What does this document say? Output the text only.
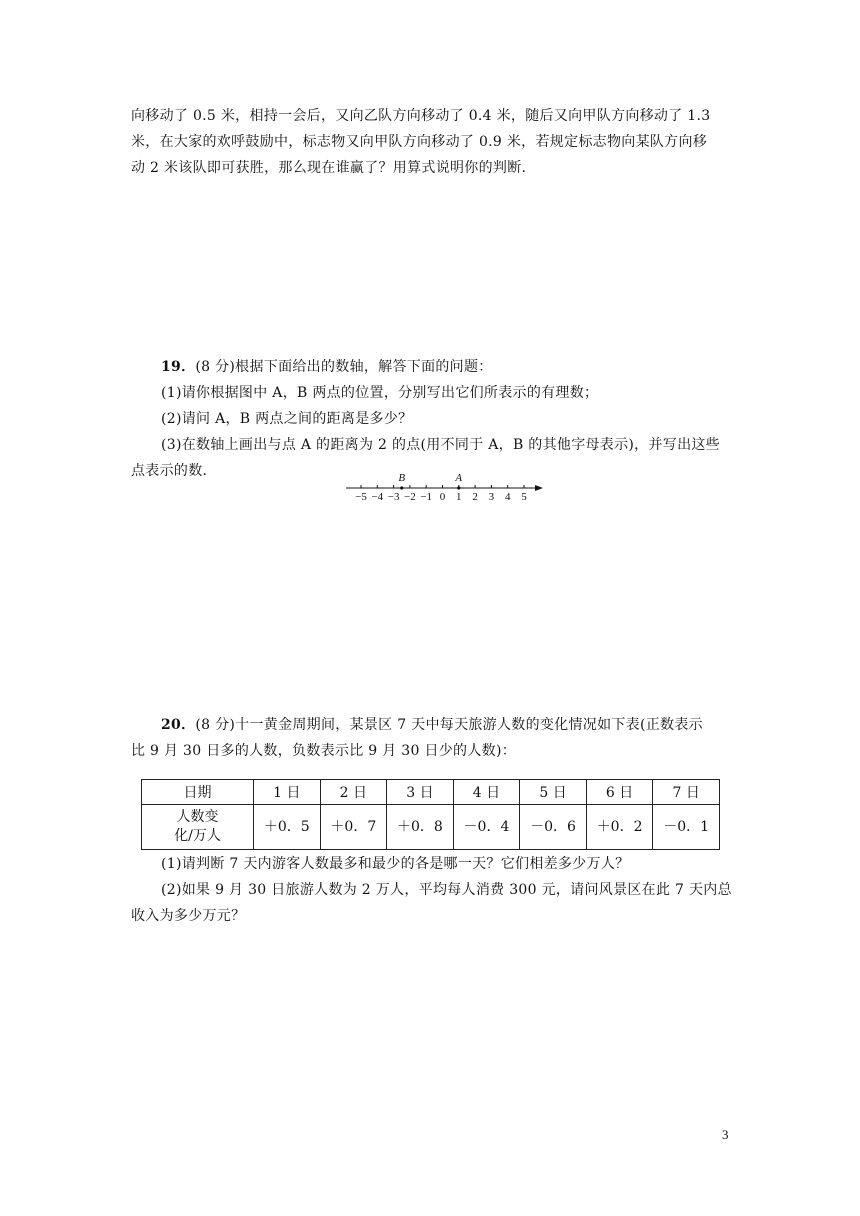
向移动了 0.5 米，相持一会后，又向乙队方向移动了 0.4 米，随后又向甲队方向移动了 1.3
米，在大家的欢呼鼓励中，标志物又向甲队方向移动了 0.9 米，若规定标志物向某队方向移
动 2 米该队即可获胜，那么现在谁赢了？用算式说明你的判断.
19．(8 分)根据下面给出的数轴，解答下面的问题：
(1)请你根据图中 A，B 两点的位置，分别写出它们所表示的有理数；
(2)请问 A，B 两点之间的距离是多少？
(3)在数轴上画出与点 A 的距离为 2 的点(用不同于 A，B 的其他字母表示)，并写出这些
点表示的数.
−5 −4 −3 −2 −1 0 1 2 3 4 5
B	A
20．(8 分)十一黄金周期间，某景区 7 天中每天旅游人数的变化情况如下表(正数表示
比 9 月 30 日多的人数，负数表示比 9 月 30 日少的人数)：
日期	1 日	2 日	3 日	4 日	5 日	6 日	7 日
人数变
化/万人	＋0．5	＋0．7	＋0．8	－0．4	－0．6	＋0．2	－0．1
(1)请判断 7 天内游客人数最多和最少的各是哪一天？它们相差多少万人？
(2)如果 9 月 30 日旅游人数为 2 万人，平均每人消费 300 元，请问风景区在此 7 天内总
收入为多少万元？
3
